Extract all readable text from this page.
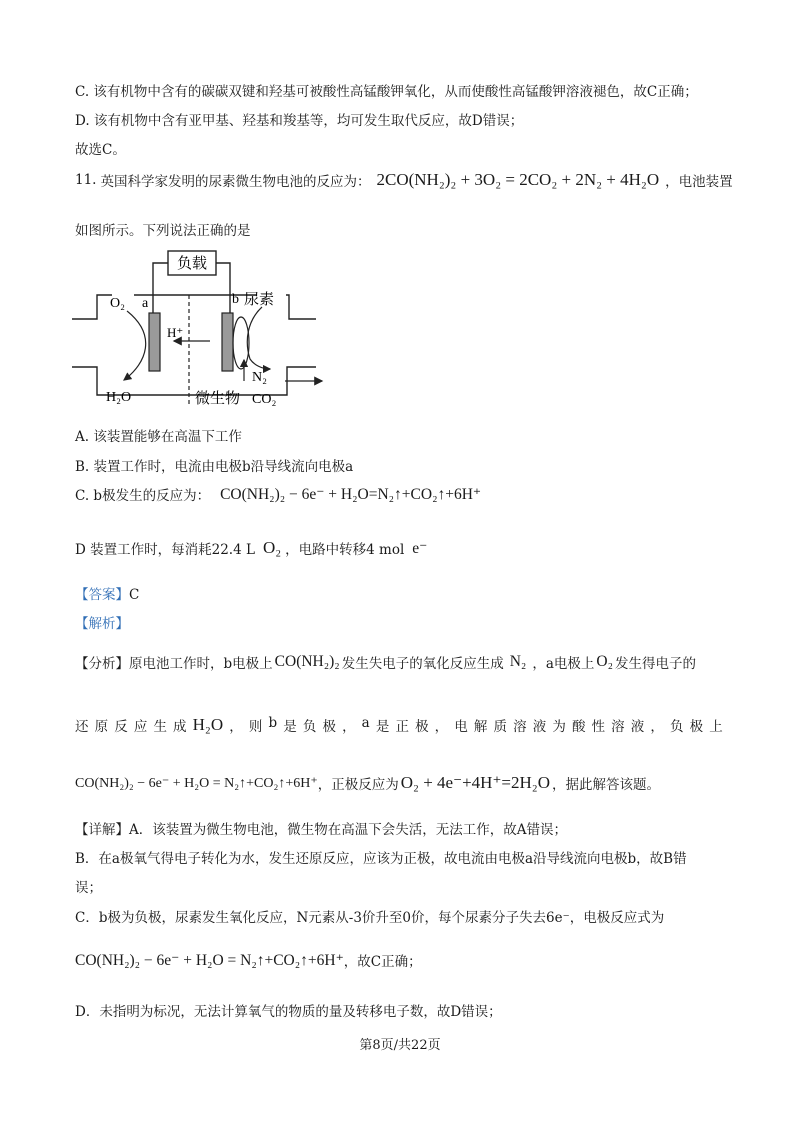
C. 该有机物中含有的碳碳双键和羟基可被酸性高锰酸钾氧化，从而使酸性高锰酸钾溶液褪色，故C正确；
D. 该有机物中含有亚甲基、羟基和羧基等，均可发生取代反应，故D错误；
故选C。
11. 英国科学家发明的尿素微生物电池的反应为： 2CO(NH₂)₂ + 3O₂ = 2CO₂ + 2N₂ + 4H₂O ，电池装置
如图所示。下列说法正确的是
负载
O₂ a	b 尿素
H⁺
H₂O
N₂
微生物 CO₂
A. 该装置能够在高温下工作
B. 装置工作时，电流由电极b沿导线流向电极a
C. b极发生的反应为： CO(NH₂)₂ − 6e⁻ + H₂O=N₂↑+CO₂↑+6H⁺
D 装置工作时，每消耗22.4 L O₂ ，电路中转移4 mol e⁻
【答案】C
【解析】
【分析】 原电池工作时，b电极上 CO(NH₂)₂ 发生失电子的氧化反应生成 N₂ ，a电极上 O₂ 发生得电子的
还 原 反 应 生 成 H₂O ， 则 b 是 负 极 ， a 是 正 极 ， 电 解 质 溶 液 为 酸 性 溶 液 ， 负 极 上
CO(NH₂)₂ − 6e⁻ + H₂O = N₂↑+CO₂↑+6H⁺ ，正极反应为 O₂ + 4e⁻+4H⁺=2H₂O ，据此解答该题。
【详解】A．该装置为微生物电池，微生物在高温下会失活，无法工作，故A错误；
B．在a极氧气得电子转化为水，发生还原反应，应该为正极，故电流由电极a沿导线流向电极b，故B错
误；
C．b极为负极，尿素发生氧化反应，N元素从-3价升至0价，每个尿素分子失去6e⁻，电极反应式为
CO(NH₂)₂ − 6e⁻ + H₂O = N₂↑+CO₂↑+6H⁺ ，故C正确；
D．未指明为标况，无法计算氧气的物质的量及转移电子数，故D错误；
第8页/共22页
